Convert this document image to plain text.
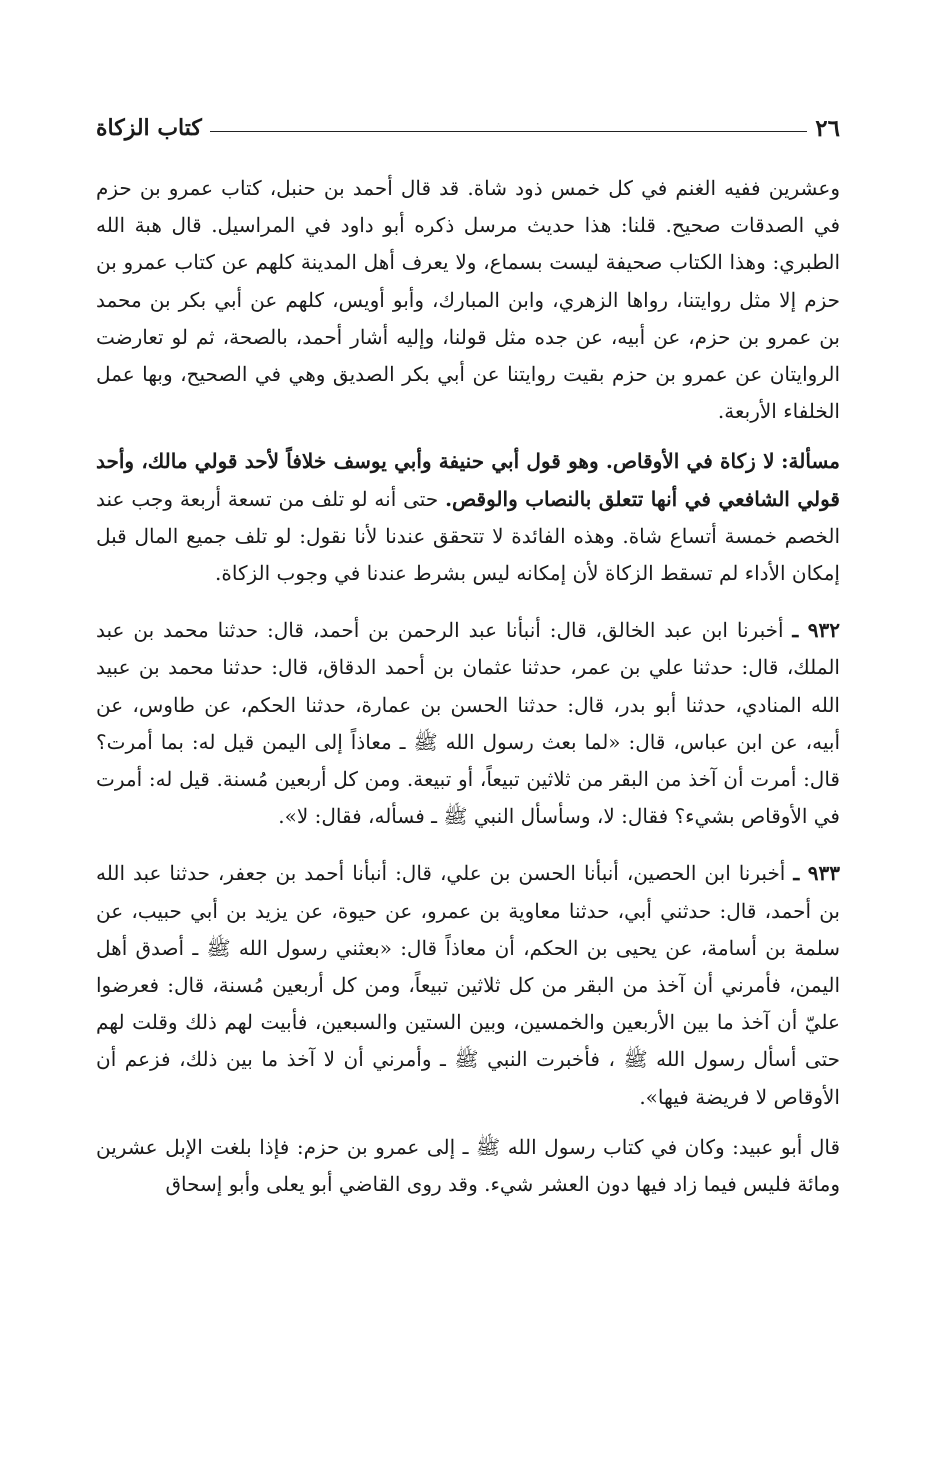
٢٦
كتاب الزكاة

وعشرين ففيه الغنم في كل خمس ذود شاة. قد قال أحمد بن حنبل، كتاب عمرو بن حزم في الصدقات صحيح. قلنا: هذا حديث مرسل ذكره أبو داود في المراسيل. قال هبة الله الطبري: وهذا الكتاب صحيفة ليست بسماع، ولا يعرف أهل المدينة كلهم عن كتاب عمرو بن حزم إلا مثل روايتنا، رواها الزهري، وابن المبارك، وأبو أويس، كلهم عن أبي بكر بن محمد بن عمرو بن حزم، عن أبيه، عن جده مثل قولنا، وإليه أشار أحمد، بالصحة، ثم لو تعارضت الروايتان عن عمرو بن حزم بقيت روايتنا عن أبي بكر الصديق وهي في الصحيح، وبها عمل الخلفاء الأربعة.

مسألة: لا زكاة في الأوقاص. وهو قول أبي حنيفة وأبي يوسف خلافاً لأحد قولي مالك، وأحد قولي الشافعي في أنها تتعلق بالنصاب والوقص. حتى أنه لو تلف من تسعة أربعة وجب عند الخصم خمسة أتساع شاة. وهذه الفائدة لا تتحقق عندنا لأنا نقول: لو تلف جميع المال قبل إمكان الأداء لم تسقط الزكاة لأن إمكانه ليس بشرط عندنا في وجوب الزكاة.

٩٣٢ ـ أخبرنا ابن عبد الخالق، قال: أنبأنا عبد الرحمن بن أحمد، قال: حدثنا محمد بن عبد الملك، قال: حدثنا علي بن عمر، حدثنا عثمان بن أحمد الدقاق، قال: حدثنا محمد بن عبيد الله المنادي، حدثنا أبو بدر، قال: حدثنا الحسن بن عمارة، حدثنا الحكم، عن طاوس، عن أبيه، عن ابن عباس، قال: «لما بعث رسول الله ﷺ ـ معاذاً إلى اليمن قيل له: بما أمرت؟ قال: أمرت أن آخذ من البقر من ثلاثين تبيعاً، أو تبيعة. ومن كل أربعين مُسنة. قيل له: أمرت في الأوقاص بشيء؟ فقال: لا، وسأسأل النبي ﷺ ـ فسأله، فقال: لا».

٩٣٣ ـ أخبرنا ابن الحصين، أنبأنا الحسن بن علي، قال: أنبأنا أحمد بن جعفر، حدثنا عبد الله بن أحمد، قال: حدثني أبي، حدثنا معاوية بن عمرو، عن حيوة، عن يزيد بن أبي حبيب، عن سلمة بن أسامة، عن يحيى بن الحكم، أن معاذاً قال: «بعثني رسول الله ﷺ ـ أصدق أهل اليمن، فأمرني أن آخذ من البقر من كل ثلاثين تبيعاً، ومن كل أربعين مُسنة، قال: فعرضوا عليّ أن آخذ ما بين الأربعين والخمسين، وبين الستين والسبعين، فأبيت لهم ذلك وقلت لهم حتى أسأل رسول الله ﷺ ، فأخبرت النبي ﷺ ـ وأمرني أن لا آخذ ما بين ذلك، فزعم أن الأوقاص لا فريضة فيها».

قال أبو عبيد: وكان في كتاب رسول الله ﷺ ـ إلى عمرو بن حزم: فإذا بلغت الإبل عشرين ومائة فليس فيما زاد فيها دون العشر شيء. وقد روى القاضي أبو يعلى وأبو إسحاق
